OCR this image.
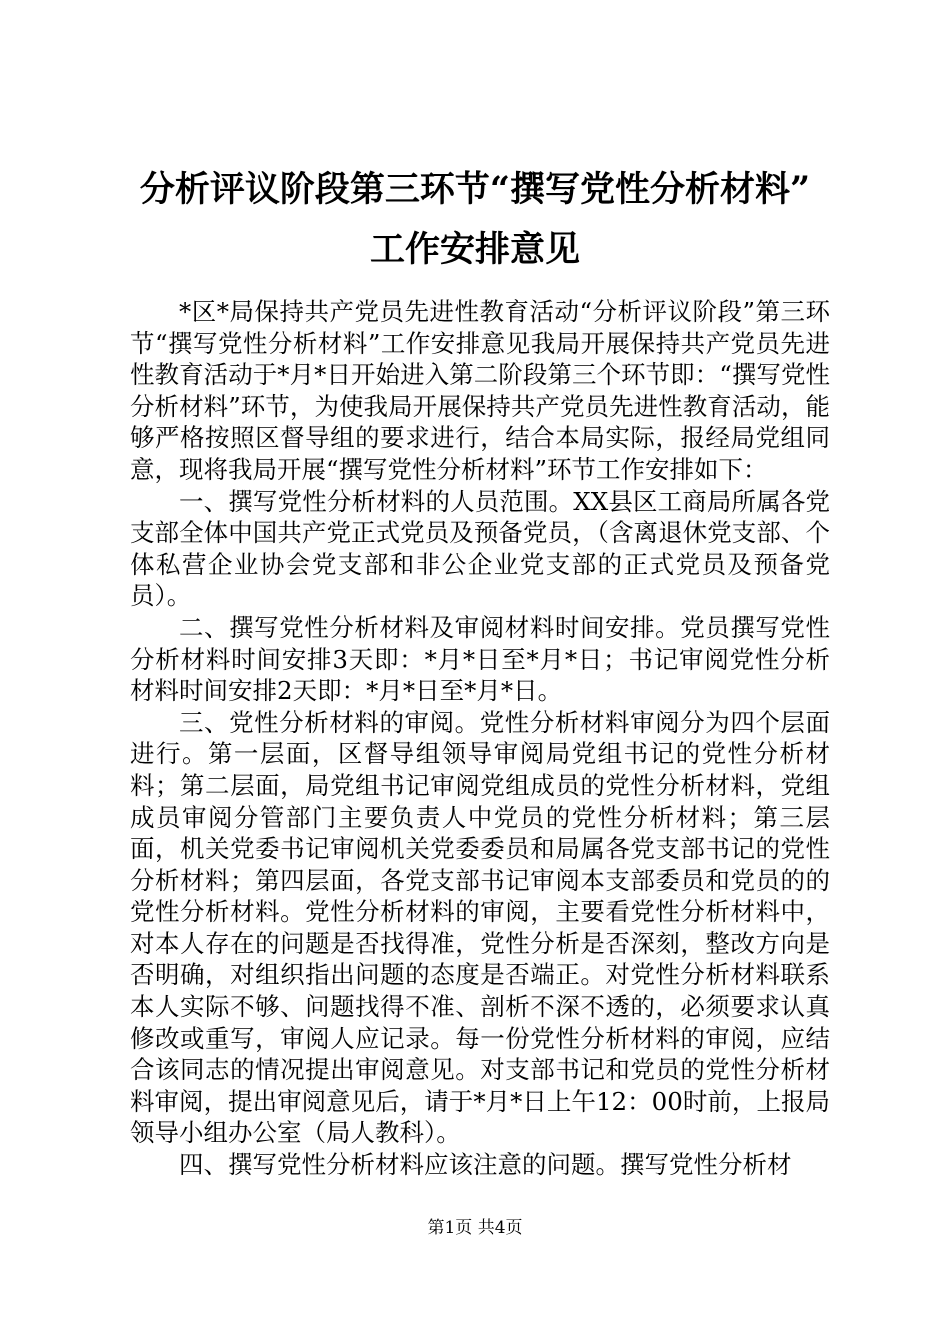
分析评议阶段第三环节“撰写党性分析材料”
工作安排意见

*区*局保持共产党员先进性教育活动“分析评议阶段”第三环节“撰写党性分析材料”工作安排意见我局开展保持共产党员先进性教育活动于*月*日开始进入第二阶段第三个环节即：“撰写党性分析材料”环节，为使我局开展保持共产党员先进性教育活动，能够严格按照区督导组的要求进行，结合本局实际，报经局党组同意，现将我局开展“撰写党性分析材料”环节工作安排如下：

一、撰写党性分析材料的人员范围。XX县区工商局所属各党支部全体中国共产党正式党员及预备党员，（含离退休党支部、个体私营企业协会党支部和非公企业党支部的正式党员及预备党员）。

二、撰写党性分析材料及审阅材料时间安排。党员撰写党性分析材料时间安排3天即：*月*日至*月*日；书记审阅党性分析材料时间安排2天即：*月*日至*月*日。

三、党性分析材料的审阅。党性分析材料审阅分为四个层面进行。第一层面，区督导组领导审阅局党组书记的党性分析材料；第二层面，局党组书记审阅党组成员的党性分析材料，党组成员审阅分管部门主要负责人中党员的党性分析材料；第三层面，机关党委书记审阅机关党委委员和局属各党支部书记的党性分析材料；第四层面，各党支部书记审阅本支部委员和党员的的党性分析材料。党性分析材料的审阅，主要看党性分析材料中，对本人存在的问题是否找得准，党性分析是否深刻，整改方向是否明确，对组织指出问题的态度是否端正。对党性分析材料联系本人实际不够、问题找得不准、剖析不深不透的，必须要求认真修改或重写，审阅人应记录。每一份党性分析材料的审阅，应结合该同志的情况提出审阅意见。对支部书记和党员的党性分析材料审阅，提出审阅意见后，请于*月*日上午12：00时前，上报局领导小组办公室（局人教科）。

四、撰写党性分析材料应该注意的问题。撰写党性分析材

第1页 共4页
